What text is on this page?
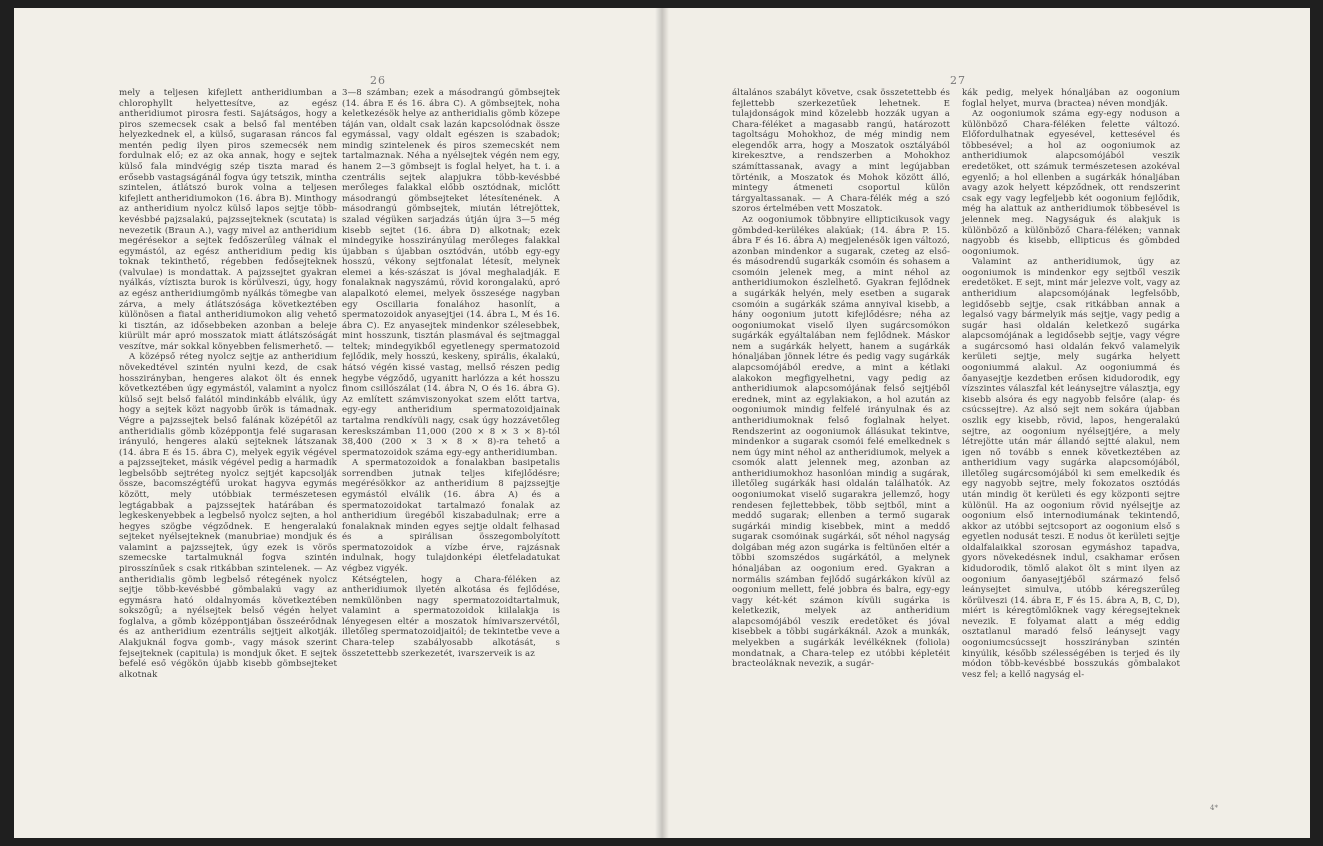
26

mely a teljesen kifejlett antheridiumban a chlorophyllt helyettesítve, az egész antheridiumot pirosra festi. Sajátságos, hogy a piros szemecsek csak a belső fal mentében helyezkednek el, a külső, sugarasan ráncos fal mentén pedig ilyen piros szemecsék nem fordulnak elő; ez az oka annak, hogy e sejtek külső fala mindvégig szép tiszta marad és erősebb vastagságánál fogva úgy tetszik, mintha szintelen, átlátszó burok volna a teljesen kifejlett antheridiumokon (16. ábra B). Minthogy az antheridium nyolcz külső lapos sejtje több-kevésbbé pajzsalakú, pajzssejteknek (scutata) is nevezetik (Braun A.), vagy mivel az antheridium megérésekor a sejtek fedőszerűleg válnak el egymástól, az egész antheridium pedig kis toknak tekinthető, régebben fedősejteknek (valvulae) is mondattak. A pajzssejtet gyakran nyálkás, víztiszta burok is körülveszi, úgy, hogy az egész antheridiumgömb nyálkás tömegbe van zárva, a mely átlátszósága következtében különösen a fiatal antheridiumokon alig vehető ki tisztán, az idősebbeken azonban a beleje kiürült már apró mosszatok miatt átlátszóságát veszítve, már sokkal könyebben felismerhető. —

A középső réteg nyolcz sejtje az antheridium növekedtével szintén nyulni kezd, de csak hosszirányban, hengeres alakot ölt és ennek következtében úgy egymástól, valamint a nyolcz külső sejt belső falától mindinkább elválik, úgy hogy a sejtek közt nagyobb űrök is támadnak. Végre a pajzssejtek belső falának középétől az antheridialis gömb középpontja felé sugarasan irányuló, hengeres alakú sejteknek látszanak (14. ábra E és 15. ábra C), melyek egyik végével a pajzssejteket, másik végével pedig a harmadik legbelsőbb sejtréteg nyolcz sejtjét kapcsolják össze, bacomszégtéfű urokat hagyva egymás között, mely utóbbiak természetesen legtágabbak a pajzssejtek határában és legkeskenyebbek a legbelső nyolcz sejten, a hol hegyes szögbe végződnek. E hengeralakú sejteket nyélsejteknek (manubriae) mondjuk és valamint a pajzssejtek, úgy ezek is vörös szemecske tartalmuknál fogva szintén pirosszínűek s csak ritkábban szintelenek. — Az antheridialis gömb legbelső rétegének nyolcz sejtje több-kevésbbé gömbalakú vagy az egymásra ható oldalnyomás következtében sokszögű; a nyélsejtek belső végén helyet foglalva, a gömb középpontjában összeérődnak és az antheridium ezentrális sejtjeit alkotják. Alakjuknál fogva gomb-, vagy mások szerint fejsejteknek (capitula) is mondjuk őket. E sejtek befelé eső végökön újabb kisebb gömbsejteket alkotnak

3—8 számban; ezek a másodrangú gömbsejtek (14. ábra E és 16. ábra C). A gömbsejtek, noha keletkezésök helye az antheridialis gömb közepe táján van, oldalt csak lazán kapcsolódnak össze egymással, vagy oldalt egészen is szabadok; mindig szintelenek és piros szemecskét nem tartalmaznak. Néha a nyélsejtek végén nem egy, hanem 2—3 gömbsejt is foglal helyet, ha t. i. a czentrális sejtek alapjukra több-kevésbbé merőleges falakkal előbb osztódnak, miclőtt másodrangú gömbsejteket létesítenének. A másodrangú gömbsejtek, miután létrejöttek, szalad végüken sarjadzás útján újra 3—5 még kisebb sejtet (16. ábra D) alkotnak; ezek mindegyike hosszirányúlag merőleges falakkal újabban s újabban osztódván, utóbb egy-egy hosszú, vékony sejtfonalat létesít, melynek elemei a kés-szászat is jóval meghaladják. E fonalaknak nagyszámú, rövid korongalakú, apró alapalkotó elemei, melyek összesége nagyban egy Oscillaria fonalához hasonlít, a spermatozoidok anyasejtjei (14. ábra L, M és 16. ábra C). Ez anyasejtek mindenkor szélesebbek, mint hosszunk, tisztán plasmával és sejtmaggal teltek; mindegyikből egyetlenegy spermatozoid fejlődik, mely hosszú, keskeny, spirális, ékalakú, hátsó végén kissé vastag, mellső részen pedig hegybe végződő, ugyanitt harlózza a két hosszu finom csillószálat (14. ábra N, O és 16. ábra G). Az említett számviszonyokat szem előtt tartva, egy-egy antheridium spermatozoidjainak tartalma rendkívüli nagy, csak úgy hozzávetőleg kereskszámban 11,000 (200 × 8 × 3 × 8)-tól 38,400 (200 × 3 × 8 × 8)-ra tehető a spermatozoidok száma egy-egy antheridiumban.

A spermatozoidok a fonalakban basipetalis sorrendben jutnak teljes kifejlődésre; megérésökkor az antheridium 8 pajzssejtje egymástól elválik (16. ábra A) és a spermatozoidokat tartalmazó fonalak az antheridium üregéből kiszabadulnak; erre a fonalaknak minden egyes sejtje oldalt felhasad és a spirálisan összegombolyított spermatozoidok a vízbe érve, rajzásnak indulnak, hogy tulajdonképi életfeladatukat végbez vigyék.

Kétségtelen, hogy a Chara-féléken az antheridiumok ilyetén alkotása és fejlődése, nemkülönben nagy spermatozoidtartalmuk, valamint a spermatozoidok kiilalakja is lényegesen eltér a moszatok hímivarszervétől, illetőleg spermatozoidjaitól; de tekintetbe veve a Chara-telep szabályosabb alkotását, s összetettebb szerkezetét, ivarszerveik is az

27

általános szabályt követve, csak összetettebb és fejlettebb szerkezetűek lehetnek. E tulajdonságok mind közelebb hozzák ugyan a Chara-féléket a magasabb rangú, határozott tagoltságu Mohokhoz, de még mindig nem elegendők arra, hogy a Moszatok osztályából kirekesztve, a rendszerben a Mohokhoz számíttassanak, avagy a mint legújabban történik, a Moszatok és Mohok között álló, mintegy átmeneti csoportul külön tárgyaltassanak. — A Chara-félék még a szó szoros értelmében vett Moszatok.

Az oogoniumok többnyire ellipticikusok vagy gömbded-kerülékes alakúak; (14. ábra P. 15. ábra F és 16. ábra A) megjelenésök igen változó, azonban mindenkor a sugarak, czeteg az első- és másodrendű sugarkák csomóin és sohasem a csomóin jelenek meg, a mint néhol az antheridiumokon észlelhető. Gyakran fejlődnek a sugárkák helyén, mely esetben a sugarak csomóin a sugárkák száma annyival kisebb, a hány oogonium jutott kifejlődésre; néha az oogoniumokat viselő ilyen sugárcsomókon sugárkák egyáltalában nem fejlődnek. Máskor nem a sugárkák helyett, hanem a sugárkák hónaljában jönnek létre és pedig vagy sugárkák alapcsomójából eredve, a mint a kétlaki alakokon megfigyelhetni, vagy pedig az antheridiumok alapcsomójának felső sejtjéből erednek, mint az egylakiakon, a hol azután az oogoniumok mindig felfelé irányulnak és az antheridiumoknak felső foglalnak helyet. Rendszerint az oogoniumok állásukat tekintve, mindenkor a sugarak csomói felé emelkednek s nem úgy mint néhol az antheridiumok, melyek a csomók alatt jelennek meg, azonban az antheridiumokhoz hasonlóan mindig a sugárak, illetőleg sugárkák hasi oldalán találhatók. Az oogoniumokat viselő sugarakra jellemző, hogy rendesen fejlettebbek, több sejtből, mint a meddő sugarak; ellenben a termő sugarak sugárkái mindig kisebbek, mint a meddő sugarak csomóinak sugárkái, sőt néhol nagyság dolgában még azon sugárka is feltünően eltér a többi szomszédos sugárkától, a melynek hónaljában az oogonium ered. Gyakran a normális számban fejlődő sugárkákon kívül az oogonium mellett, felé jobbra és balra, egy-egy vagy két-két számon kívüli sugárka is keletkezik, melyek az antheridium alapcsomójából veszik eredetöket és jóval kisebbek a többi sugárkáknál. Azok a munkák, melyekben a sugárkák levélkéknek (foliola) mondatnak, a Chara-telep ez utóbbi képletéit bracteoláknak nevezik, a sugár-

kák pedig, melyek hónaljában az oogonium foglal helyet, murva (bractea) néven mondják.

Az oogoniumok száma egy-egy noduson a különböző Chara-féléken felette változó. Előfordulhatnak egyesével, kettesével és többesével; a hol az oogoniumok az antheridiumok alapcsomójából veszik eredetöket, ott számuk természetesen azokéval egyenlő; a hol ellenben a sugárkák hónaljában avagy azok helyett képződnek, ott rendszerint csak egy vagy legfeljebb két oogonium fejlődik, még ha alattuk az antheridiumok többesével is jelennek meg. Nagyságuk és alakjuk is különböző a különböző Chara-féléken; vannak nagyobb és kisebb, ellipticus és gömbded oogoniumok.

Valamint az antheridiumok, úgy az oogoniumok is mindenkor egy sejtből veszik eredetöket. E sejt, mint már jelezve volt, vagy az antheridium alapcsomójának legfelsőbb, legidősebb sejtje, csak ritkábban annak a legalsó vagy bármelyik más sejtje, vagy pedig a sugár hasi oldalán keletkező sugárka alapcsomójának a legidősebb sejtje, vagy végre a sugárcsomó hasi oldalán fekvő valamelyik kerületi sejtje, mely sugárka helyett oogoniummá alakul. Az oogoniummá és őanyasejtje kezdetben erősen kidudorodik, egy vízszintes válaszfal két leánysejtre választja, egy kisebb alsóra és egy nagyobb felsőre (alap- és csúcssejtre). Az alsó sejt nem sokára újabban oszlik egy kisebb, rövid, lapos, hengeralakú sejtre, az oogonium nyélsejtjére, a mely létrejötte után már állandó sejtté alakul, nem igen nő tovább s ennek következtében az antheridium vagy sugárka alapcsomójából, illetőleg sugárcsomójából ki sem emelkedik és egy nagyobb sejtre, mely fokozatos osztódás után mindig öt kerületi és egy központi sejtre különül. Ha az oogonium rövid nyélsejtje az oogonium első internodiumának tekintendő, akkor az utóbbi sejtcsoport az oogonium első s egyetlen nodusát teszi. E nodus öt kerületi sejtje oldalfalaikkal szorosan egymáshoz tapadva, gyors növekedésnek indul, csakhamar erősen kidudorodik, tömlő alakot ölt s mint ilyen az oogonium őanyasejtjéből származó felső leánysejtet simulva, utóbb kéregszerűleg körülveszi (14. ábra E, F és 15. ábra A, B, C, D), miért is kéregtömlőknek vagy kéregsejteknek nevezik. E folyamat alatt a még eddig osztatlanul maradó felső leánysejt vagy oogoniumcsúcssejt hosszirányban szintén kinyúlik, később szélességében is terjed és ily módon több-kevésbbé bosszukás gömbalakot vesz fel; a kellő nagyság el-

4*
